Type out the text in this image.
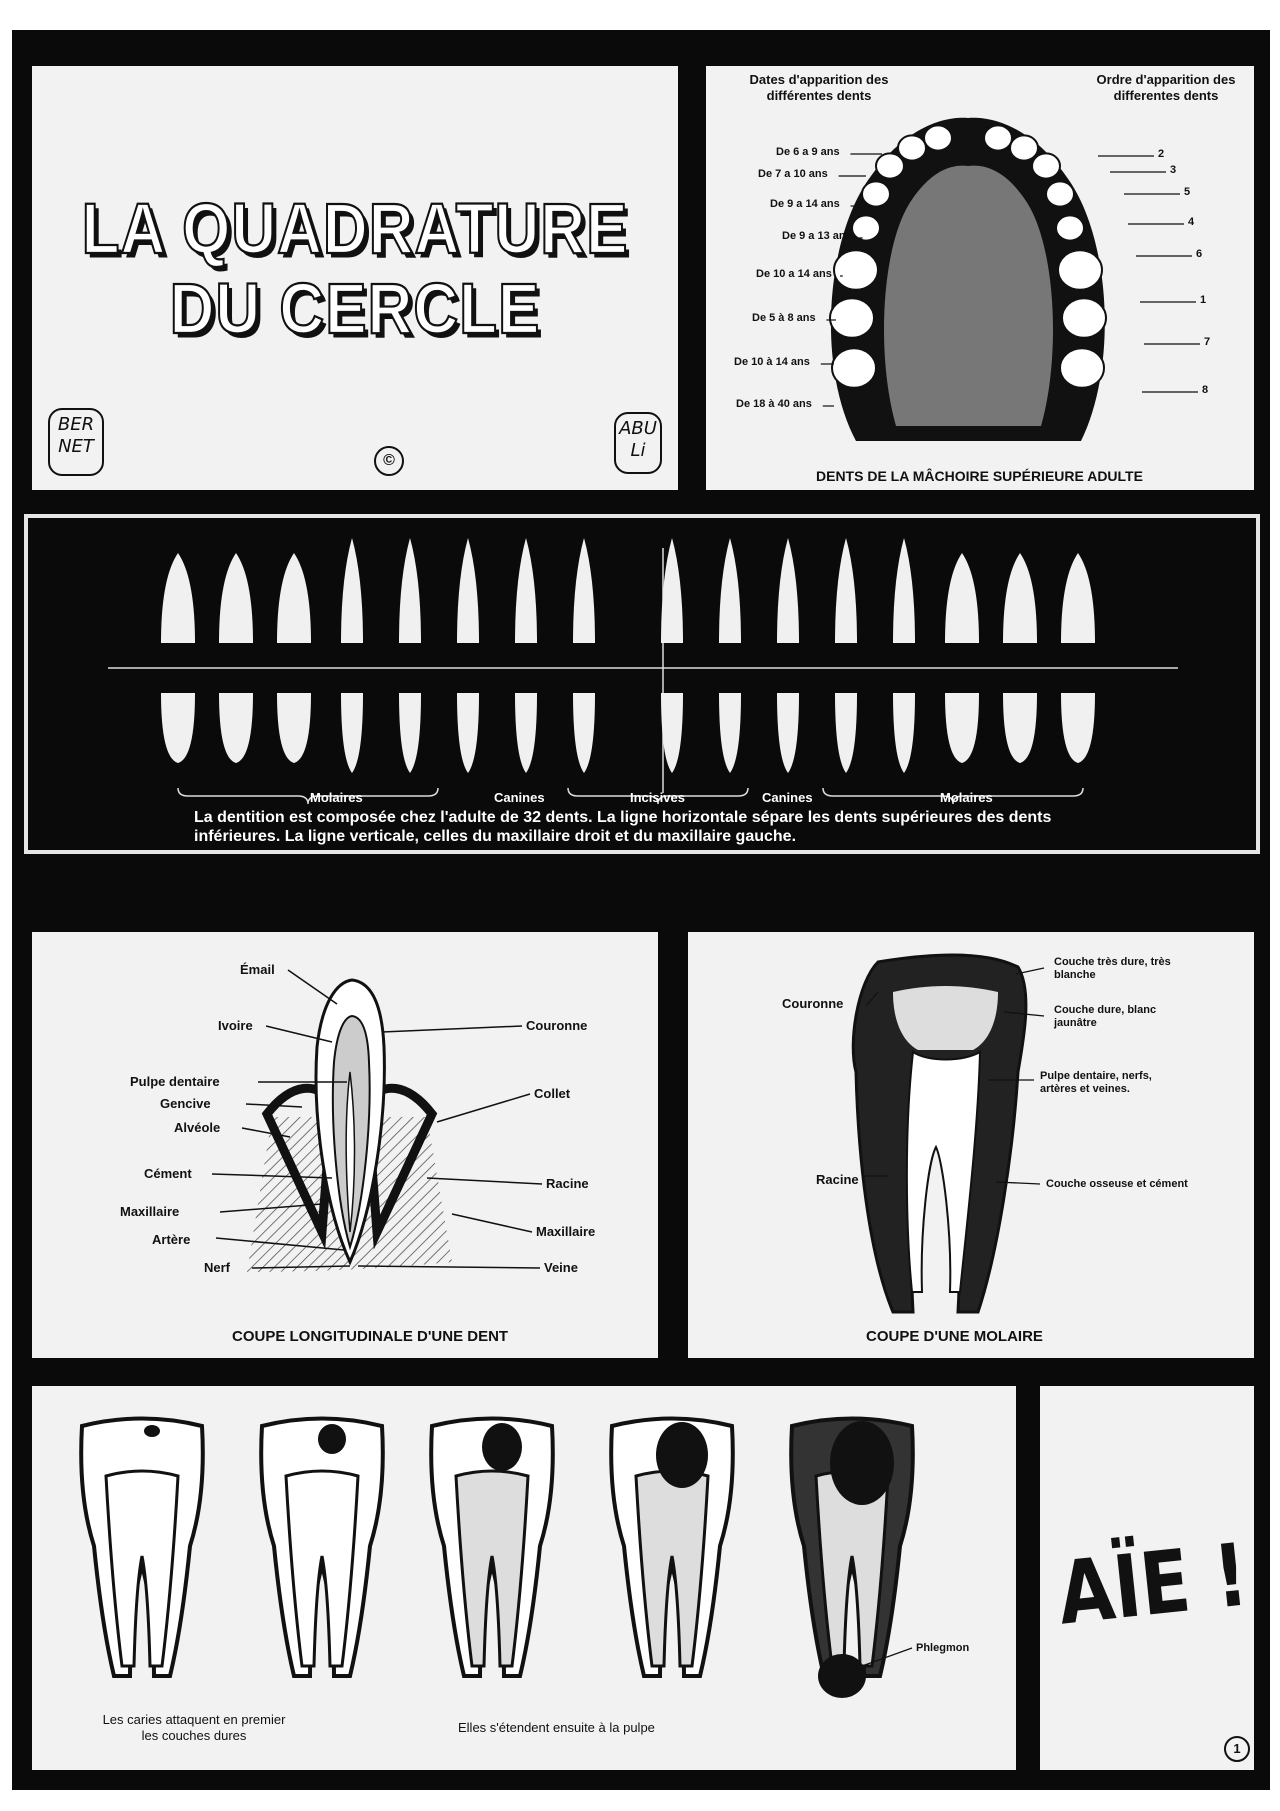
LA QUADRATURE
DU CERCLE
BER NET
ABU Li
©
Dates d'apparition des différentes dents
Ordre d'apparition des differentes dents
De 6 a 9 ans
De 7 a 10 ans
De 9 a 14 ans
De 9 a 13 ans
De 10 a 14 ans
De 5 à 8 ans
De 10 à 14 ans
De 18 à 40 ans
2
3
5
4
6
1
7
8
DENTS DE LA MÂCHOIRE SUPÉRIEURE ADULTE
Molaires	Canines	Incisives	Canines	Molaires
La dentition est composée chez l'adulte de 32 dents. La ligne horizontale sépare les dents supérieures des dents inférieures. La ligne verticale, celles du maxillaire droit et du maxillaire gauche.
Émail
Ivoire
Pulpe dentaire
Gencive
Alvéole
Cément
Maxillaire
Artère
Nerf
Couronne
Collet
Racine
Maxillaire
Veine
COUPE LONGITUDINALE D'UNE DENT
Couronne
Racine
Couche très dure, très blanche
Couche dure, blanc jaunâtre
Pulpe dentaire, nerfs, artères et veines.
Couche osseuse et cément
COUPE D'UNE MOLAIRE
Phlegmon
Les caries attaquent en premier les couches dures
Elles s'étendent ensuite à la pulpe
AÏE !
1
